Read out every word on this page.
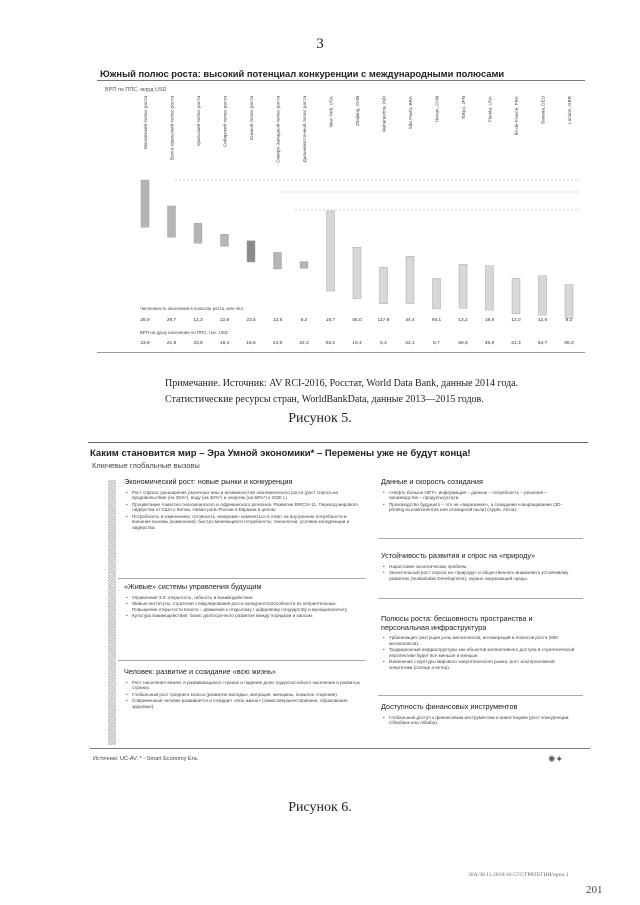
3
Южный полюс роста: высокий потенциал конкуренции с международными полюсами
ВРП по ППС, млрд USD
Московский полюс роста	Волго-Уральский полюс роста	Уральский полюс роста	Сибирский полюс роста	Южный полюс роста	Северо-Западный полюс роста	Дальневосточный полюс роста	New York, USA	Zhejiang, CHN	Maharashtra, IND	São Paulo, BRA	Henan, CHN	Tokyo, JPN	Florida, USA	Île-de-France, FRA	Bavaria, DEU	London, GBR
Численность населения в полюсах роста, млн чел.
28,9	29,7	12,3	12,8	23,6	13,8	6,2	19,7	55,0	117,9	44,4	94,1	13,2	19,6	12,0	12,6	8,2
ВРП на душу населения по ППС, тыс. USD
33,9	21,8	33,9	19,4	18,6	24,8	22,3	84,2	19,4	6,4	22,1	6,7	68,9	46,9	61,3	64,7	85,3
Примечание. Источник: AV RCI-2016, Росстат, World Data Bank, данные 2014 года. Статистические ресурсы стран, WorldBankData, данные 2013—2015 годов.
Рисунок 5.
Каким становится мир – Эра Умной экономики* – Перемены уже не будут конца!
Ключевые глобальные вызовы
Экономический рост: новые рынки и конкуренция
• Рост спроса: расширение рыночных ниш и возможностей экономического роста (рост спроса на продовольствие (на 35%*), воду (на 40%*) и энергию (на 50%*) к 2030 г.)
• Процветание Азиатско-тихоокеанского и Африканского регионов. Развитие BRICS+11. Переход мирового лидерства от США к Китаю. Новая роль России и Евразии в целом.
• Потребность в изменениях: готовность «вовремя» изменяться в ответ на внутренние потребности и внешние вызовы (изменения): быстро меняющиеся потребности, технологии, условия конкуренции и лидерства.
«Живые» системы управления будущим
• Управление 3.0: открытость, гибкость и взаимодействие.
• Живые институты: стратегии стимулирования роста конкурентоспособности из неприятельных. Повышение открытости власти – движение к открытому / цифровому государству и муниципалитету.
• Культура взаимодействия: базис долгосрочного развития между порядком и хаосом.
Человек: развитие и созидание «всю жизнь»
• Рост населения Земли: в развивающихся странах и падение доли трудоспособного населения в развитых странах.
• Глобальный рост среднего класса (развитие молодых, миграция, женщины, пожилое старение).
• Современный человек развивается и созидает «всю жизнь» (самосовершенствование, образование, здоровье).
Данные и скорость созидания
• «Нефть больше НЕТ»: информация – данные – потребность – решения – производство – продукты/услуги.
• Производство будущего – это не «вырезание», а созидание и выращивание (3D-printing из компонентов или атомарной пыли) (Apple, Alcoa).
Устойчивость развития и спрос на «природу»
• Нарастание экологических проблем.
• Значительный рост спроса на «природу» и общественного внимания к устойчивому развитию (Sustainable Development), охране окружающей среды.
Полюсы роста: бесшовность пространства и персональная инфраструктура
• Урбанизация: растущая роль мегаполисов, агломераций и полюсов роста (600 мегаполисов).
• Традиционный инфраструктуры как объектов коллективного доступа в стратегической перспективе будет все меньше и меньше.
• Изменение структуры мирового энергетического рынка, рост альтернативной энергетики (солнце и ветер).
Доступность финансовых инструментов
• Глобальный доступ к финансовым инструментам и инвестициям (рост конкуренции: Сбербанк или Alibaba).
Источник: UC-AV. * - Smart Economy Era.	✺✦
Рисунок 6.
30А/30.11.2018/16-57/СТРАТЕГИЯ/прил.1
201
